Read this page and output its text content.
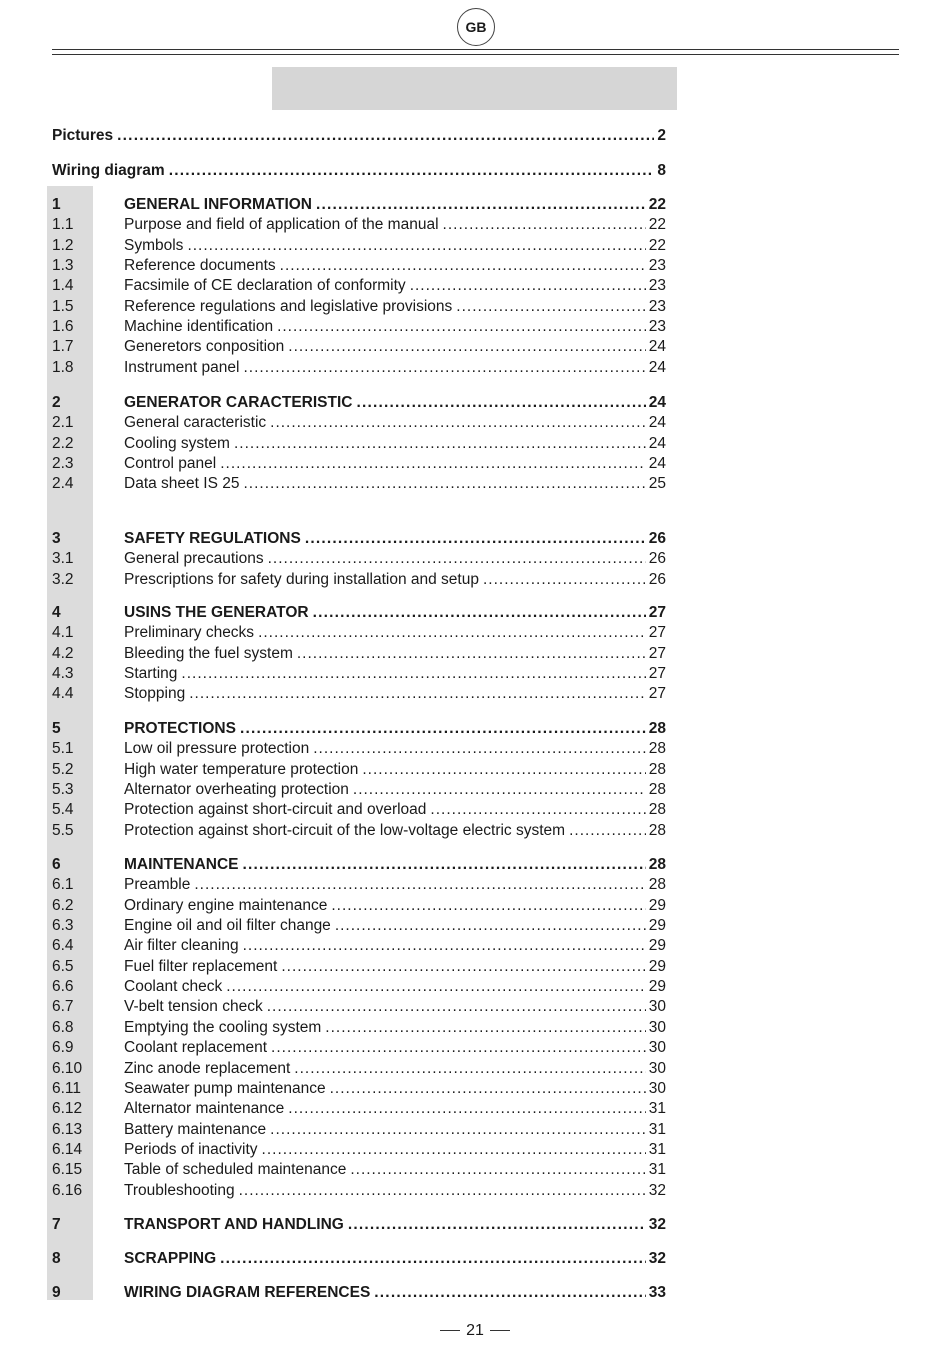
GB
Pictures .....	2
Wiring diagram .....	8
1	GENERAL INFORMATION .....	22
1.1	Purpose and field of application of the manual .....	22
1.2	Symbols .....	22
1.3	Reference documents .....	23
1.4	Facsimile of CE declaration of conformity .....	23
1.5	Reference regulations and legislative provisions .....	23
1.6	Machine identification .....	23
1.7	Generetors conposition .....	24
1.8	Instrument panel .....	24
2	GENERATOR CARACTERISTIC .....	24
2.1	General caracteristic .....	24
2.2	Cooling system .....	24
2.3	Control panel .....	24
2.4	Data sheet IS 25 .....	25
3	SAFETY REGULATIONS .....	26
3.1	General precautions .....	26
3.2	Prescriptions for safety during installation and setup .....	26
4	USINS THE GENERATOR .....	27
4.1	Preliminary checks .....	27
4.2	Bleeding the fuel system .....	27
4.3	Starting .....	27
4.4	Stopping .....	27
5	PROTECTIONS .....	28
5.1	Low oil pressure protection .....	28
5.2	High water temperature protection .....	28
5.3	Alternator overheating protection .....	28
5.4	Protection against short-circuit and overload .....	28
5.5	Protection against short-circuit of the low-voltage electric system .....	28
6	MAINTENANCE .....	28
6.1	Preamble .....	28
6.2	Ordinary engine maintenance .....	29
6.3	Engine oil and oil filter change .....	29
6.4	Air filter cleaning .....	29
6.5	Fuel filter replacement .....	29
6.6	Coolant check .....	29
6.7	V-belt tension check .....	30
6.8	Emptying the cooling system .....	30
6.9	Coolant replacement .....	30
6.10	Zinc anode replacement .....	30
6.11	Seawater pump maintenance .....	30
6.12	Alternator maintenance .....	31
6.13	Battery maintenance .....	31
6.14	Periods of inactivity .....	31
6.15	Table of scheduled maintenance .....	31
6.16	Troubleshooting .....	32
7	TRANSPORT AND HANDLING .....	32
8	SCRAPPING .....	32
9	WIRING DIAGRAM REFERENCES .....	33
21
